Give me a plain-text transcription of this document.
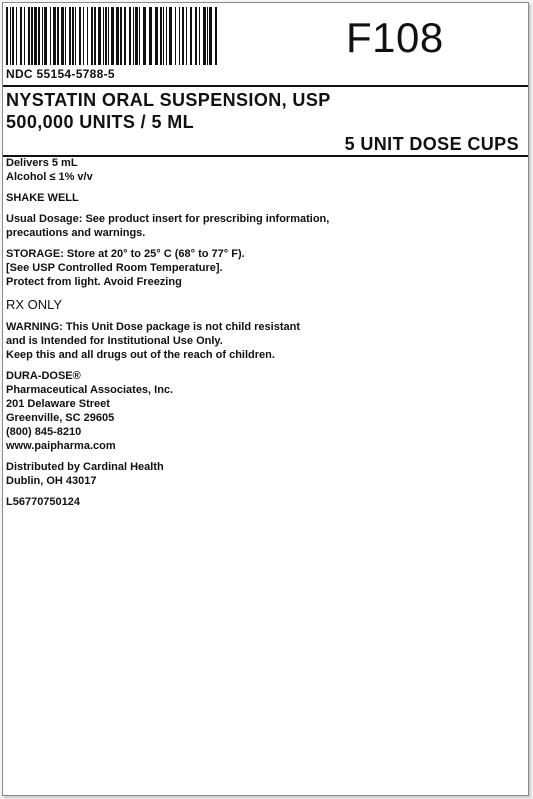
F108
NDC 55154-5788-5
NYSTATIN ORAL SUSPENSION, USP
500,000 UNITS / 5 ML
5 UNIT DOSE CUPS
Delivers 5 mL
Alcohol ≤ 1% v/v
SHAKE WELL
Usual Dosage: See product insert for prescribing information,
precautions and warnings.
STORAGE: Store at 20° to 25° C (68° to 77° F).
[See USP Controlled Room Temperature].
Protect from light. Avoid Freezing
RX ONLY
WARNING: This Unit Dose package is not child resistant
and is Intended for Institutional Use Only.
Keep this and all drugs out of the reach of children.
DURA-DOSE®
Pharmaceutical Associates, Inc.
201 Delaware Street
Greenville, SC 29605
(800) 845-8210
www.paipharma.com
Distributed by Cardinal Health
Dublin, OH 43017
L56770750124
